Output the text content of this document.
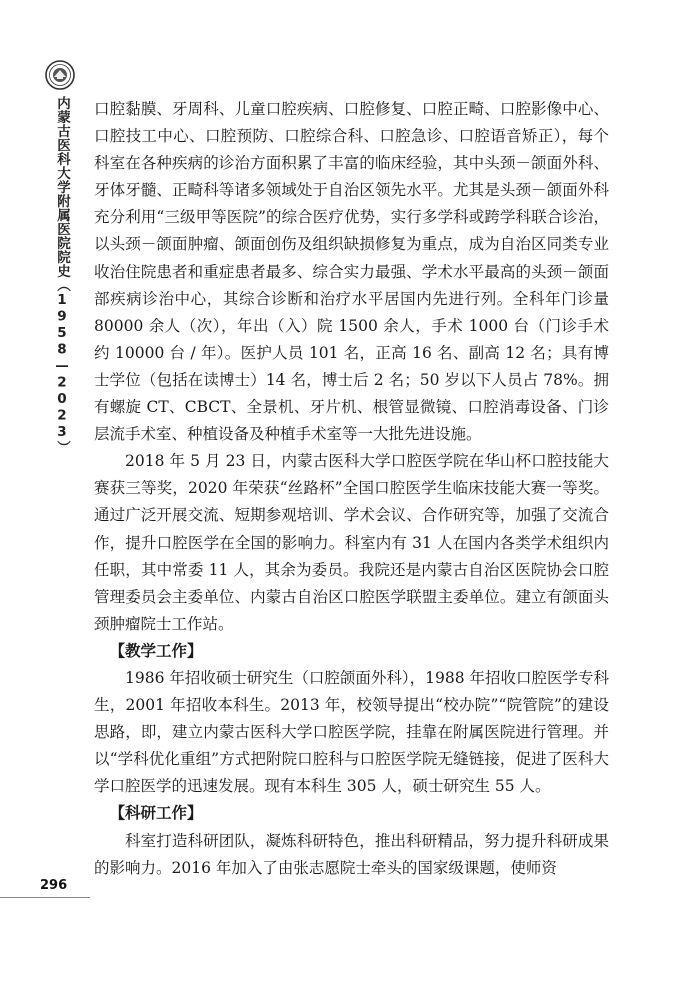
内蒙古医科大学附属医院院史（1958—2023）
296

口腔黏膜、牙周科、儿童口腔疾病、口腔修复、口腔正畸、口腔影像中心、口腔技工中心、口腔预防、口腔综合科、口腔急诊、口腔语音矫正），每个科室在各种疾病的诊治方面积累了丰富的临床经验，其中头颈－颌面外科、牙体牙髓、正畸科等诸多领域处于自治区领先水平。尤其是头颈－颌面外科充分利用“三级甲等医院”的综合医疗优势，实行多学科或跨学科联合诊治，以头颈－颌面肿瘤、颌面创伤及组织缺损修复为重点，成为自治区同类专业收治住院患者和重症患者最多、综合实力最强、学术水平最高的头颈－颌面部疾病诊治中心，其综合诊断和治疗水平居国内先进行列。全科年门诊量 80000 余人（次），年出（入）院 1500 余人，手术 1000 台（门诊手术约 10000 台 / 年）。医护人员 101 名，正高 16 名、副高 12 名；具有博士学位（包括在读博士）14 名，博士后 2 名；50 岁以下人员占 78%。拥有螺旋 CT、CBCT、全景机、牙片机、根管显微镜、口腔消毒设备、门诊层流手术室、种植设备及种植手术室等一大批先进设施。

2018 年 5 月 23 日，内蒙古医科大学口腔医学院在华山杯口腔技能大赛获三等奖，2020 年荣获“丝路杯”全国口腔医学生临床技能大赛一等奖。通过广泛开展交流、短期参观培训、学术会议、合作研究等，加强了交流合作，提升口腔医学在全国的影响力。科室内有 31 人在国内各类学术组织内任职，其中常委 11 人，其余为委员。我院还是内蒙古自治区医院协会口腔管理委员会主委单位、内蒙古自治区口腔医学联盟主委单位。建立有颌面头颈肿瘤院士工作站。

【教学工作】

1986 年招收硕士研究生（口腔颌面外科），1988 年招收口腔医学专科生，2001 年招收本科生。2013 年，校领导提出“校办院”“院管院”的建设思路，即，建立内蒙古医科大学口腔医学院，挂靠在附属医院进行管理。并以“学科优化重组”方式把附院口腔科与口腔医学院无缝链接，促进了医科大学口腔医学的迅速发展。现有本科生 305 人，硕士研究生 55 人。

【科研工作】

科室打造科研团队，凝炼科研特色，推出科研精品，努力提升科研成果的影响力。2016 年加入了由张志愿院士牵头的国家级课题，使师资
